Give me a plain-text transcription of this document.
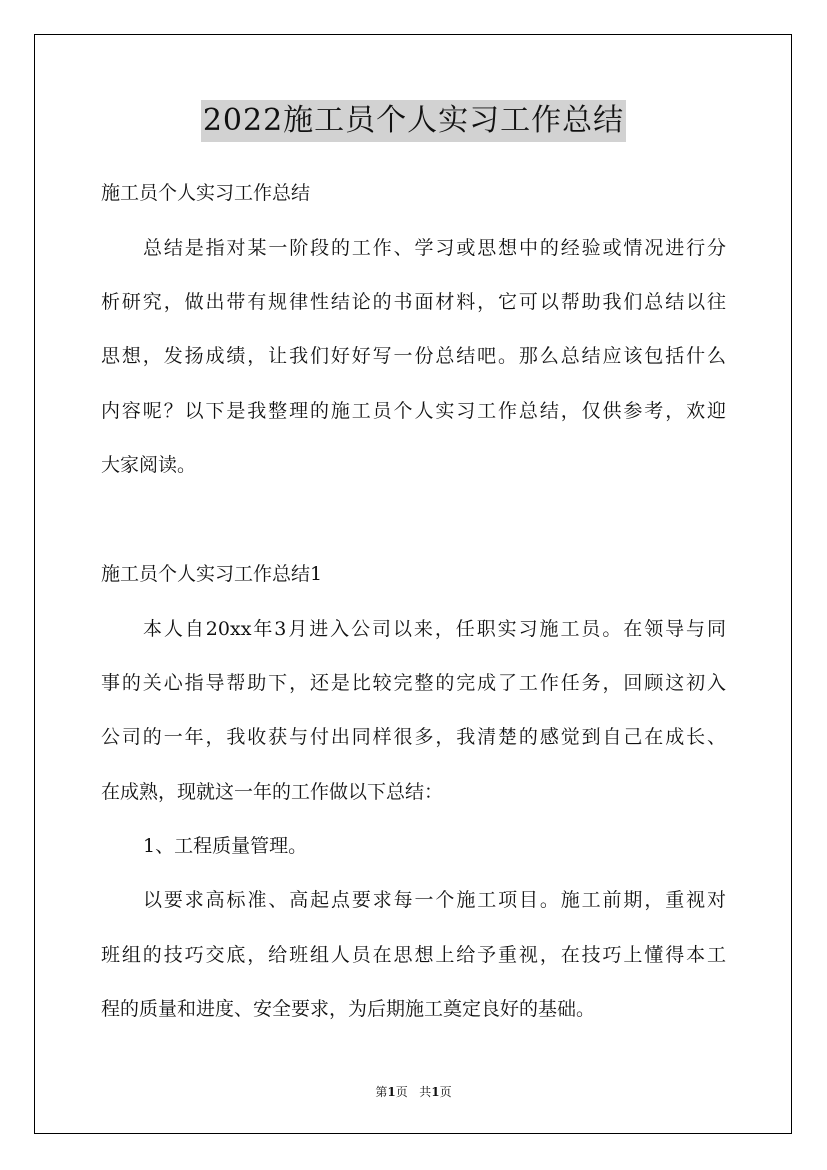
2022施工员个人实习工作总结
施工员个人实习工作总结
总结是指对某一阶段的工作、学习或思想中的经验或情况进行分
析研究，做出带有规律性结论的书面材料，它可以帮助我们总结以往
思想，发扬成绩，让我们好好写一份总结吧。那么总结应该包括什么
内容呢？以下是我整理的施工员个人实习工作总结，仅供参考，欢迎
大家阅读。
施工员个人实习工作总结1
本人自20xx年3月进入公司以来，任职实习施工员。在领导与同
事的关心指导帮助下，还是比较完整的完成了工作任务，回顾这初入
公司的一年，我收获与付出同样很多，我清楚的感觉到自己在成长、
在成熟，现就这一年的工作做以下总结：
1、工程质量管理。
以要求高标准、高起点要求每一个施工项目。施工前期，重视对
班组的技巧交底，给班组人员在思想上给予重视，在技巧上懂得本工
程的质量和进度、安全要求，为后期施工奠定良好的基础。
第1页 共1页
